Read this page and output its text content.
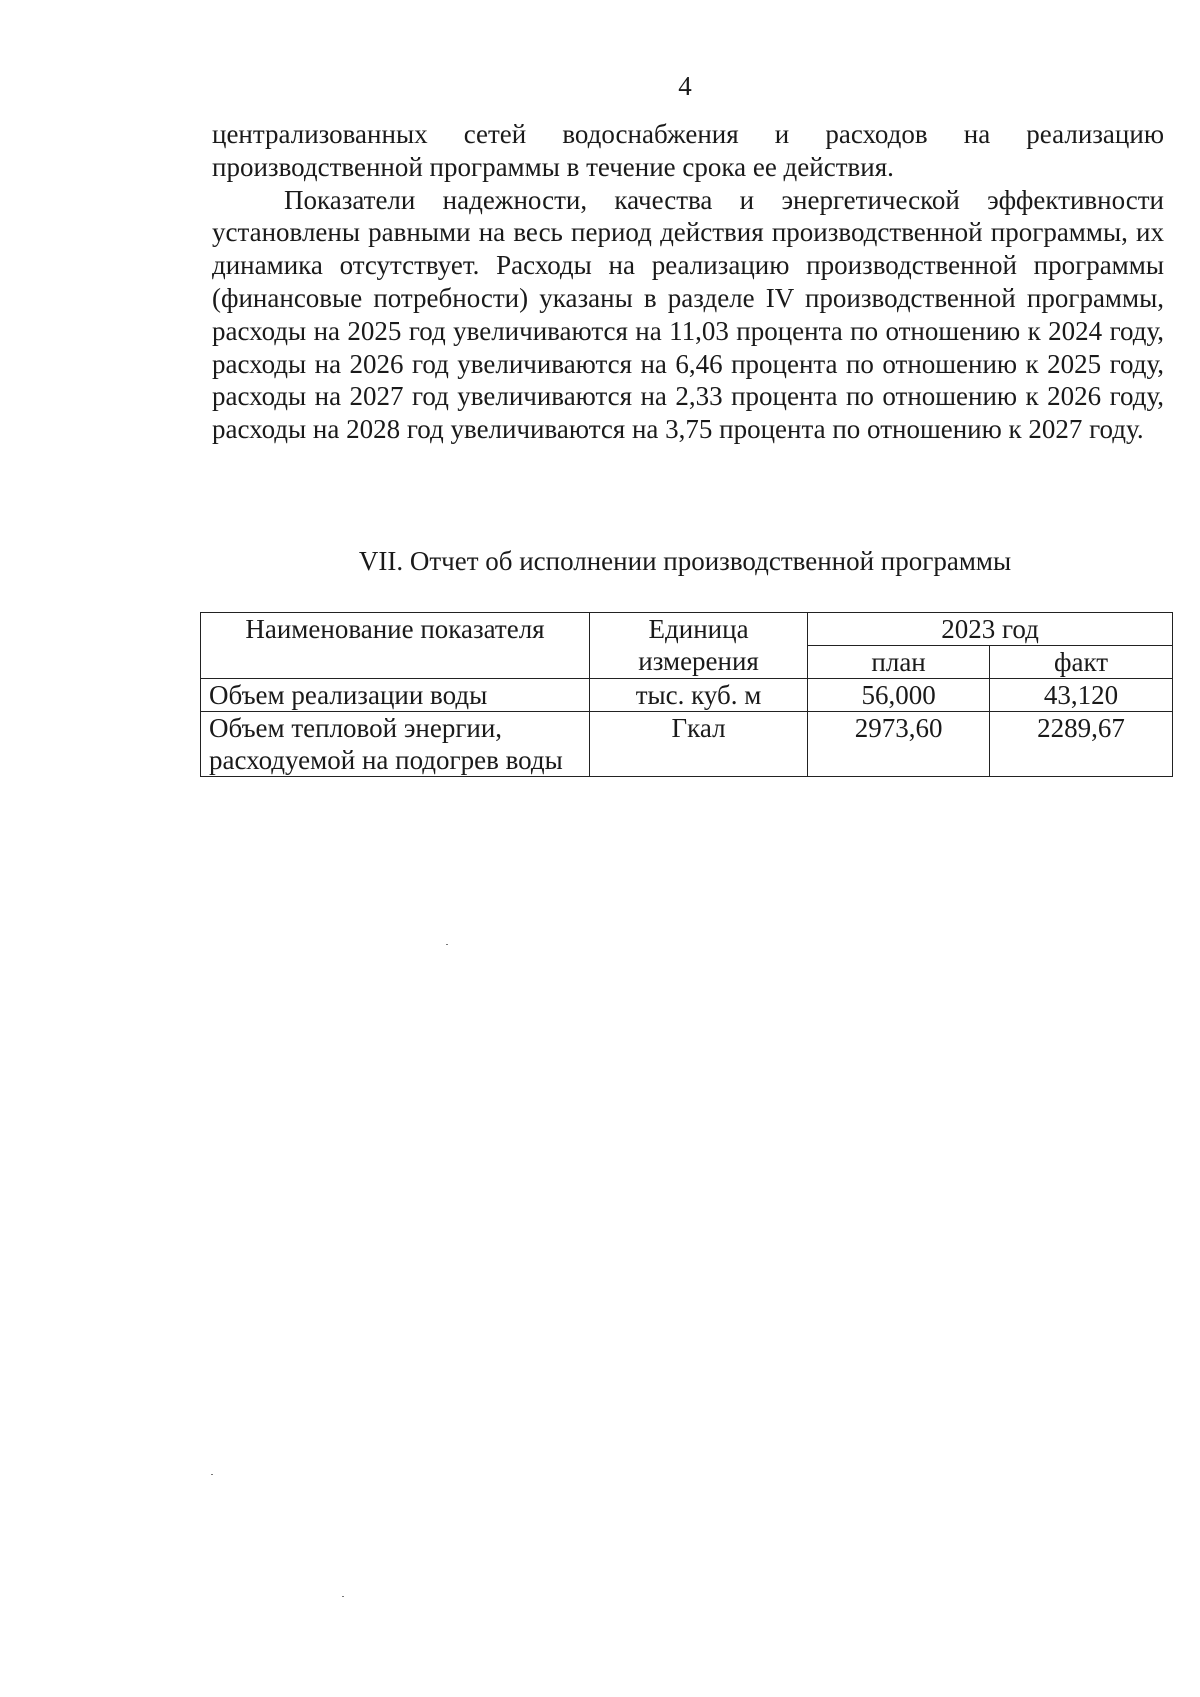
4

централизованных сетей водоснабжения и расходов на реализацию производственной программы в течение срока ее действия.

Показатели надежности, качества и энергетической эффективности установлены равными на весь период действия производственной программы, их динамика отсутствует. Расходы на реализацию производственной программы (финансовые потребности) указаны в разделе IV производственной программы, расходы на 2025 год увеличиваются на 11,03 процента по отношению к 2024 году, расходы на 2026 год увеличиваются на 6,46 процента по отношению к 2025 году, расходы на 2027 год увеличиваются на 2,33 процента по отношению к 2026 году, расходы на 2028 год увеличиваются на 3,75 процента по отношению к 2027 году.

VII. Отчет об исполнении производственной программы
Наименование показателя	Единица измерения	2023 год	
		план	факт
Объем реализации воды	тыс. куб. м	56,000	43,120
Объем тепловой энергии, расходуемой на подогрев воды	Гкал	2973,60	2289,67
